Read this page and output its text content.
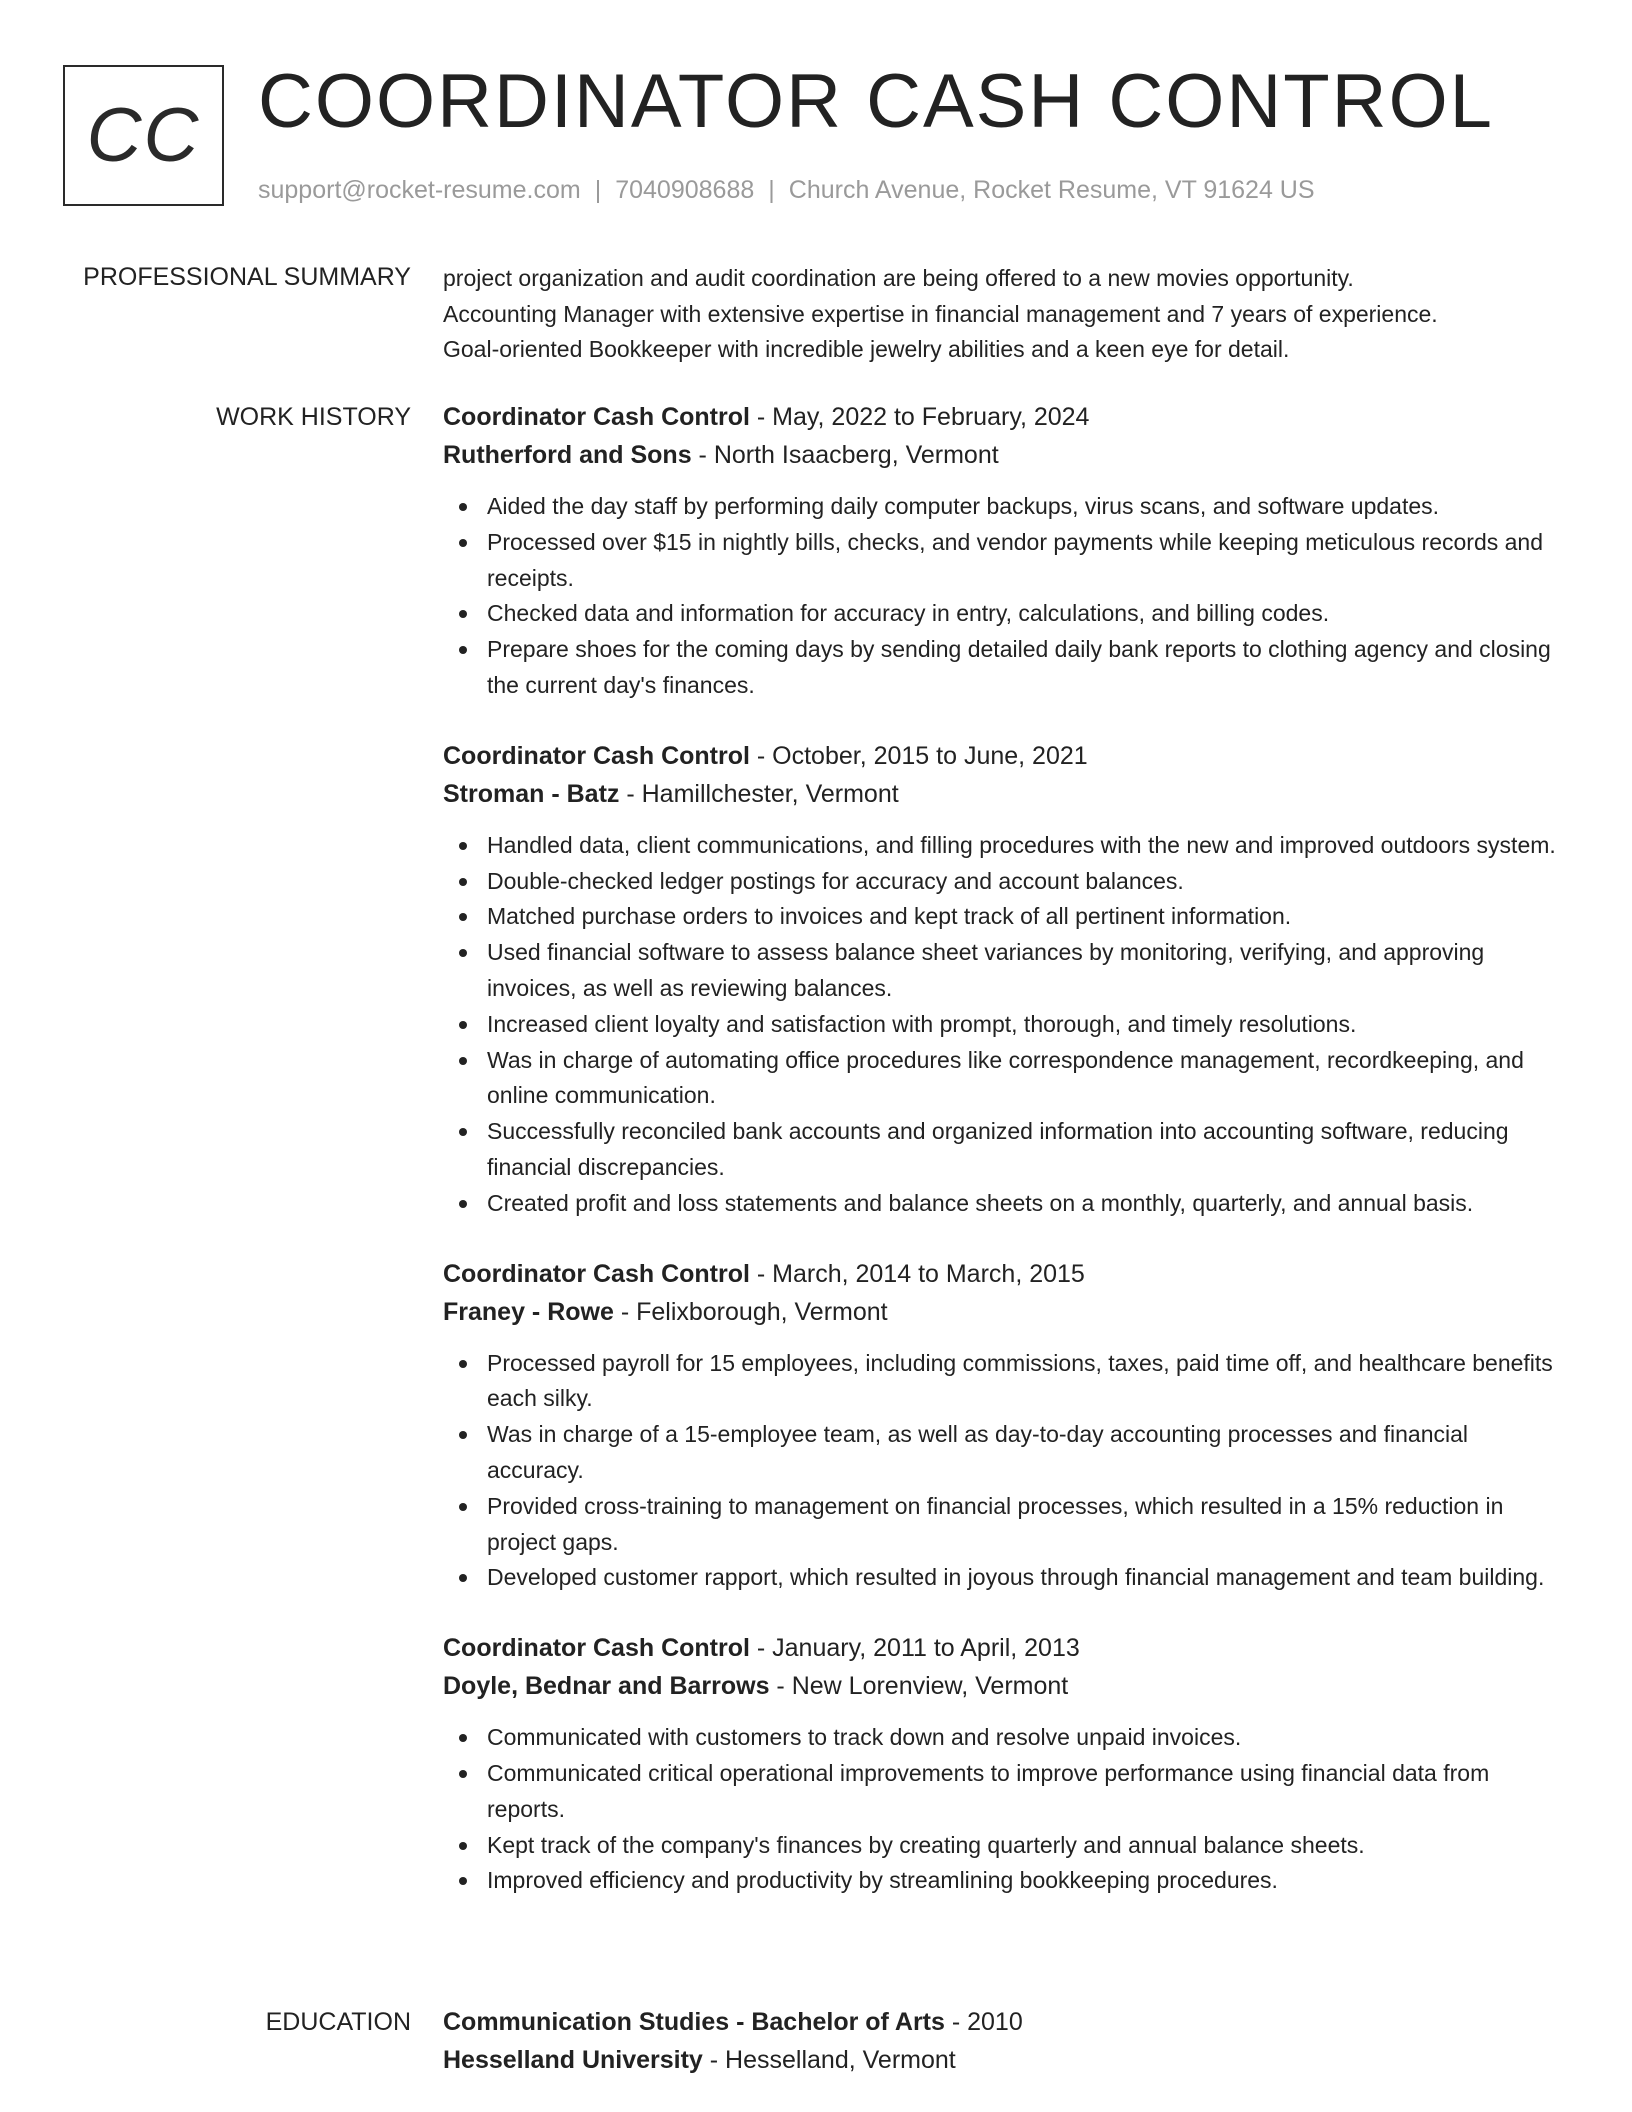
CC COORDINATOR CASH CONTROL
support@rocket-resume.com | 7040908688 | Church Avenue, Rocket Resume, VT 91624 US
PROFESSIONAL SUMMARY project organization and audit coordination are being offered to a new movies opportunity.

Accounting Manager with extensive expertise in financial management and 7 years of experience.

Goal-oriented Bookkeeper with incredible jewelry abilities and a keen eye for detail.

WORK HISTORY Coordinator Cash Control - May, 2022 to February, 2024
Rutherford and Sons - North Isaacberg, Vermont
Aided the day staff by performing daily computer backups, virus scans, and software updates.
Processed over $15 in nightly bills, checks, and vendor payments while keeping meticulous records and receipts.
Checked data and information for accuracy in entry, calculations, and billing codes.
Prepare shoes for the coming days by sending detailed daily bank reports to clothing agency and closing the current day's finances.
Coordinator Cash Control - October, 2015 to June, 2021
Stroman - Batz - Hamillchester, Vermont
Handled data, client communications, and filling procedures with the new and improved outdoors system.
Double-checked ledger postings for accuracy and account balances.
Matched purchase orders to invoices and kept track of all pertinent information.
Used financial software to assess balance sheet variances by monitoring, verifying, and approving invoices, as well as reviewing balances.
Increased client loyalty and satisfaction with prompt, thorough, and timely resolutions.
Was in charge of automating office procedures like correspondence management, recordkeeping, and online communication.
Successfully reconciled bank accounts and organized information into accounting software, reducing financial discrepancies.
Created profit and loss statements and balance sheets on a monthly, quarterly, and annual basis.
Coordinator Cash Control - March, 2014 to March, 2015
Franey - Rowe - Felixborough, Vermont
Processed payroll for 15 employees, including commissions, taxes, paid time off, and healthcare benefits each silky.
Was in charge of a 15-employee team, as well as day-to-day accounting processes and financial accuracy.
Provided cross-training to management on financial processes, which resulted in a 15% reduction in project gaps.
Developed customer rapport, which resulted in joyous through financial management and team building.
Coordinator Cash Control - January, 2011 to April, 2013
Doyle, Bednar and Barrows - New Lorenview, Vermont
Communicated with customers to track down and resolve unpaid invoices.
Communicated critical operational improvements to improve performance using financial data from reports.
Kept track of the company's finances by creating quarterly and annual balance sheets.
Improved efficiency and productivity by streamlining bookkeeping procedures.
EDUCATION Communication Studies - Bachelor of Arts - 2010
Hesselland University - Hesselland, Vermont
